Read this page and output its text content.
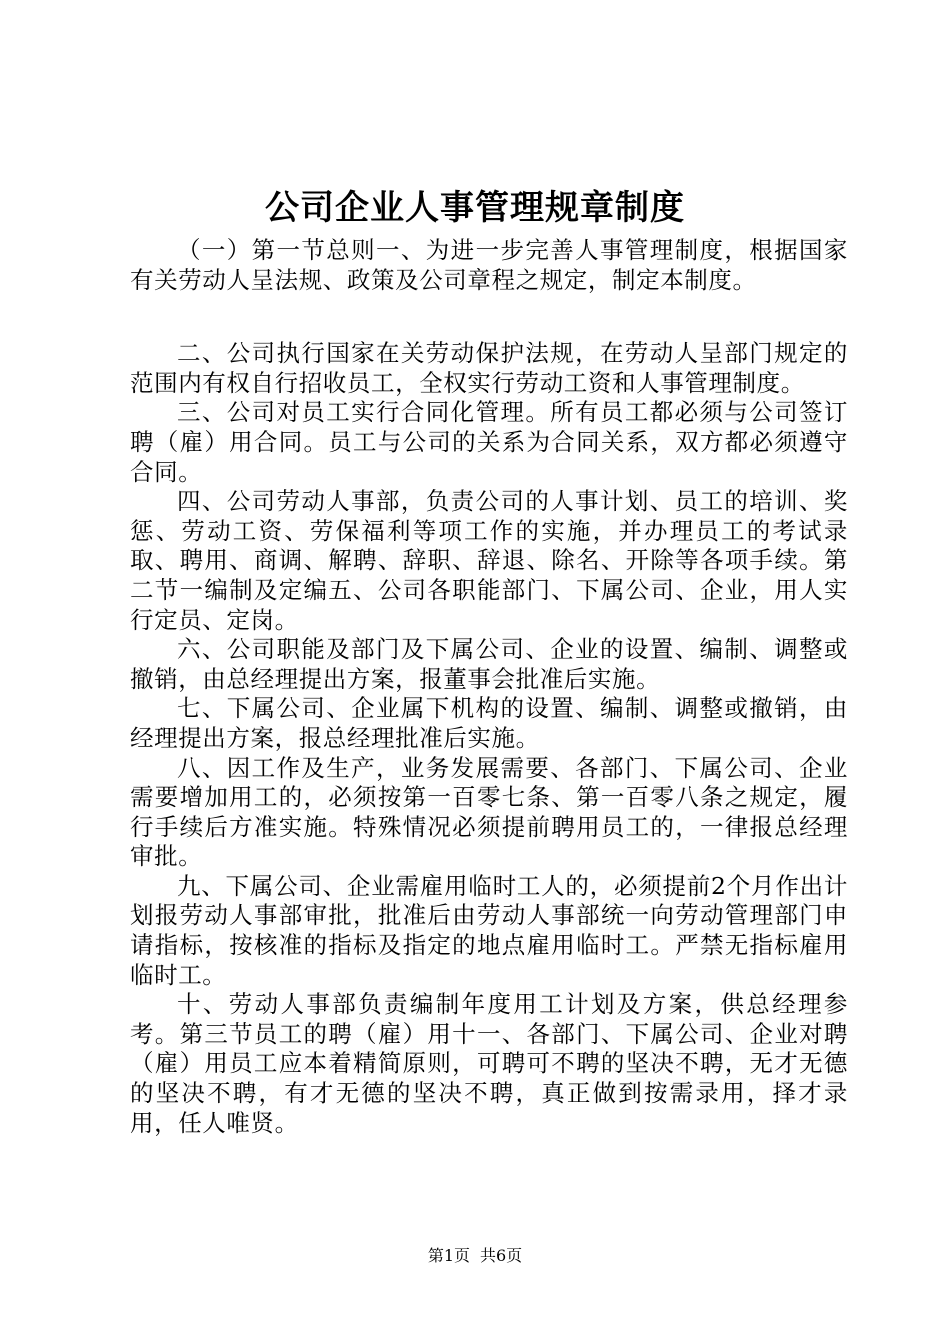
公司企业人事管理规章制度

（一）第一节总则一、为进一步完善人事管理制度，根据国家有关劳动人呈法规、政策及公司章程之规定，制定本制度。

二、公司执行国家在关劳动保护法规，在劳动人呈部门规定的范围内有权自行招收员工，全权实行劳动工资和人事管理制度。

三、公司对员工实行合同化管理。所有员工都必须与公司签订聘（雇）用合同。员工与公司的关系为合同关系，双方都必须遵守合同。

四、公司劳动人事部，负责公司的人事计划、员工的培训、奖惩、劳动工资、劳保福利等项工作的实施，并办理员工的考试录取、聘用、商调、解聘、辞职、辞退、除名、开除等各项手续。第二节一编制及定编五、公司各职能部门、下属公司、企业，用人实行定员、定岗。

六、公司职能及部门及下属公司、企业的设置、编制、调整或撤销，由总经理提出方案，报董事会批准后实施。

七、下属公司、企业属下机构的设置、编制、调整或撤销，由经理提出方案，报总经理批准后实施。

八、因工作及生产，业务发展需要、各部门、下属公司、企业需要增加用工的，必须按第一百零七条、第一百零八条之规定，履行手续后方准实施。特殊情况必须提前聘用员工的，一律报总经理审批。

九、下属公司、企业需雇用临时工人的，必须提前2个月作出计划报劳动人事部审批，批准后由劳动人事部统一向劳动管理部门申请指标，按核准的指标及指定的地点雇用临时工。严禁无指标雇用临时工。

十、劳动人事部负责编制年度用工计划及方案，供总经理参考。第三节员工的聘（雇）用十一、各部门、下属公司、企业对聘（雇）用员工应本着精简原则，可聘可不聘的坚决不聘，无才无德的坚决不聘，有才无德的坚决不聘，真正做到按需录用，择才录用，任人唯贤。

第1页 共6页
